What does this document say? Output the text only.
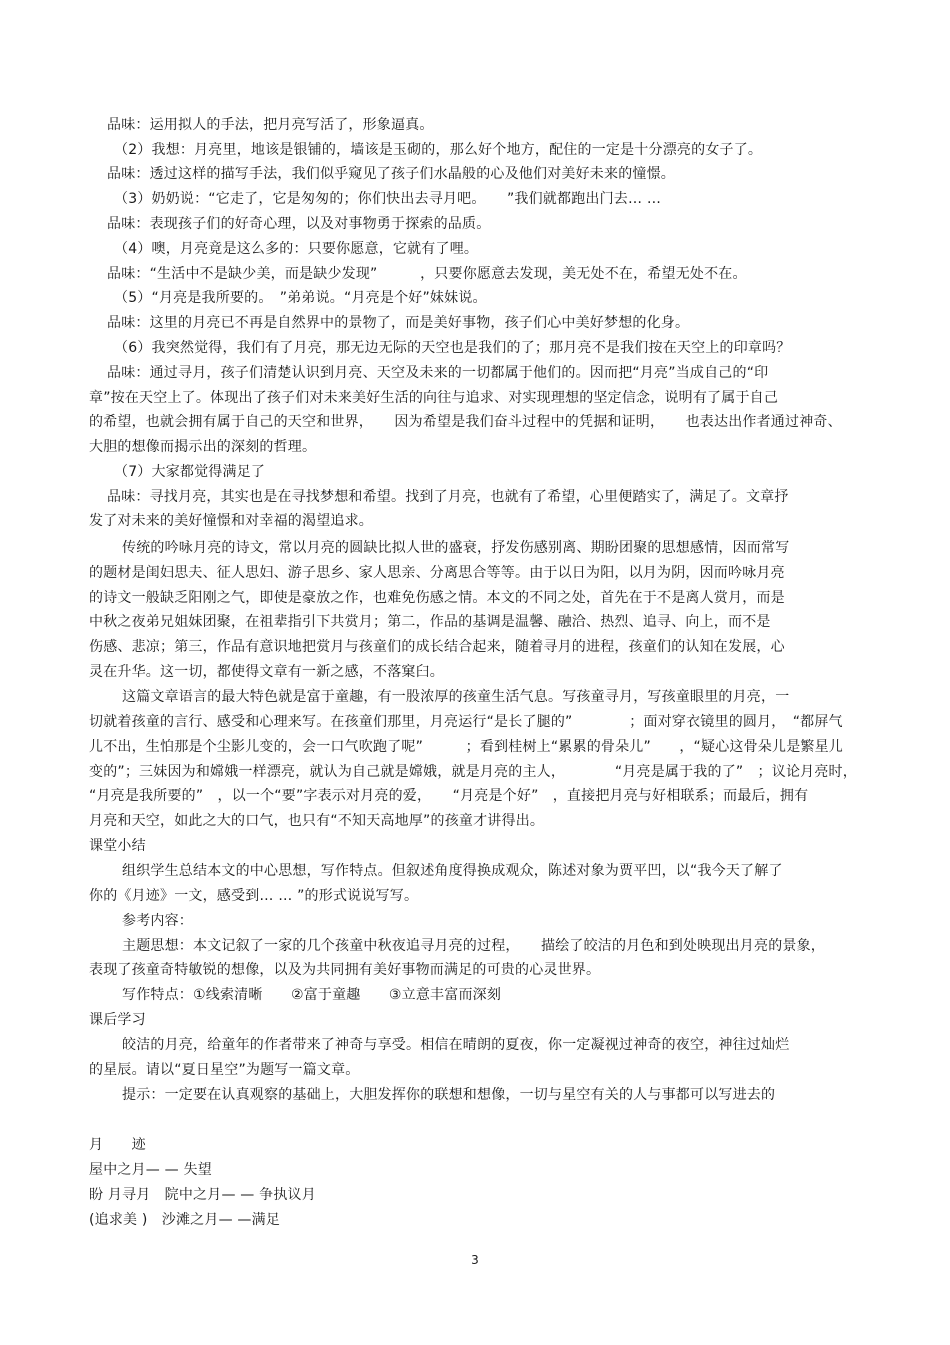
品味：运用拟人的手法，把月亮写活了，形象逼真。
（2）我想：月亮里，地该是银铺的，墙该是玉砌的，那么好个地方，配住的一定是十分漂亮的女子了。
品味：透过这样的描写手法，我们似乎窥见了孩子们水晶般的心及他们对美好未来的憧憬。
（3）奶奶说：“它走了，它是匆匆的；你们快出去寻月吧。　　”我们就都跑出门去… …
品味：表现孩子们的好奇心理，以及对事物勇于探索的品质。
（4）噢，月亮竟是这么多的：只要你愿意，它就有了哩。
品味：“生活中不是缺少美，而是缺少发现”　　　，只要你愿意去发现，美无处不在，希望无处不在。
（5）“月亮是我所要的。　”弟弟说。“月亮是个好”妹妹说。
品味：这里的月亮已不再是自然界中的景物了，而是美好事物，孩子们心中美好梦想的化身。
（6）我突然觉得，我们有了月亮，那无边无际的天空也是我们的了；那月亮不是我们按在天空上的印章吗？
品味：通过寻月，孩子们清楚认识到月亮、天空及未来的一切都属于他们的。因而把“月亮”当成自己的“印
章”按在天空上了。体现出了孩子们对未来美好生活的向往与追求、对实现理想的坚定信念，说明有了属于自己
的希望，也就会拥有属于自己的天空和世界，　　因为希望是我们奋斗过程中的凭据和证明，　　也表达出作者通过神奇、
大胆的想像而揭示出的深刻的哲理。
（7）大家都觉得满足了
品味：寻找月亮，其实也是在寻找梦想和希望。找到了月亮，也就有了希望，心里便踏实了，满足了。文章抒
发了对未来的美好憧憬和对幸福的渴望追求。
传统的吟咏月亮的诗文，常以月亮的圆缺比拟人世的盛衰，抒发伤感别离、期盼团聚的思想感情，因而常写
的题材是闺妇思夫、征人思妇、游子思乡、家人思亲、分离思合等等。由于以日为阳，以月为阴，因而吟咏月亮
的诗文一般缺乏阳刚之气，即使是豪放之作，也难免伤感之情。本文的不同之处，首先在于不是离人赏月，而是
中秋之夜弟兄姐妹团聚，在祖辈指引下共赏月；第二，作品的基调是温馨、融洽、热烈、追寻、向上，而不是
伤感、悲凉；第三，作品有意识地把赏月与孩童们的成长结合起来，随着寻月的进程，孩童们的认知在发展，心
灵在升华。这一切，都使得文章有一新之感，不落窠臼。
这篇文章语言的最大特色就是富于童趣，有一股浓厚的孩童生活气息。写孩童寻月，写孩童眼里的月亮，一
切就着孩童的言行、感受和心理来写。在孩童们那里，月亮运行“是长了腿的”　　　　；面对穿衣镜里的圆月，　“都屏气
儿不出，生怕那是个尘影儿变的，会一口气吹跑了呢”　　　；看到桂树上“累累的骨朵儿”　　，“疑心这骨朵儿是繁星儿
变的”；三妹因为和嫦娥一样漂亮，就认为自己就是嫦娥，就是月亮的主人，　　　　“月亮是属于我的了”　；议论月亮时，
“月亮是我所要的”　，以一个“要”字表示对月亮的爱，　　“月亮是个好”　，直接把月亮与好相联系；而最后，拥有
月亮和天空，如此之大的口气，也只有“不知天高地厚”的孩童才讲得出。
课堂小结
组织学生总结本文的中心思想，写作特点。但叙述角度得换成观众，陈述对象为贾平凹，以“我今天了解了
你的《月迹》一文，感受到… … ”的形式说说写写。
参考内容：
主题思想：本文记叙了一家的几个孩童中秋夜追寻月亮的过程，　　描绘了皎洁的月色和到处映现出月亮的景象，
表现了孩童奇特敏锐的想像，以及为共同拥有美好事物而满足的可贵的心灵世界。
写作特点：①线索清晰　　②富于童趣　　③立意丰富而深刻
课后学习
皎洁的月亮，给童年的作者带来了神奇与享受。相信在晴朗的夏夜，你一定凝视过神奇的夜空，神往过灿烂
的星辰。请以“夏日星空”为题写一篇文章。
提示：一定要在认真观察的基础上，大胆发挥你的联想和想像，一切与星空有关的人与事都可以写进去的
月　　迹
屋中之月— — 失望
盼 月寻月　院中之月— — 争执议月
(追求美 )　沙滩之月— —满足
3
